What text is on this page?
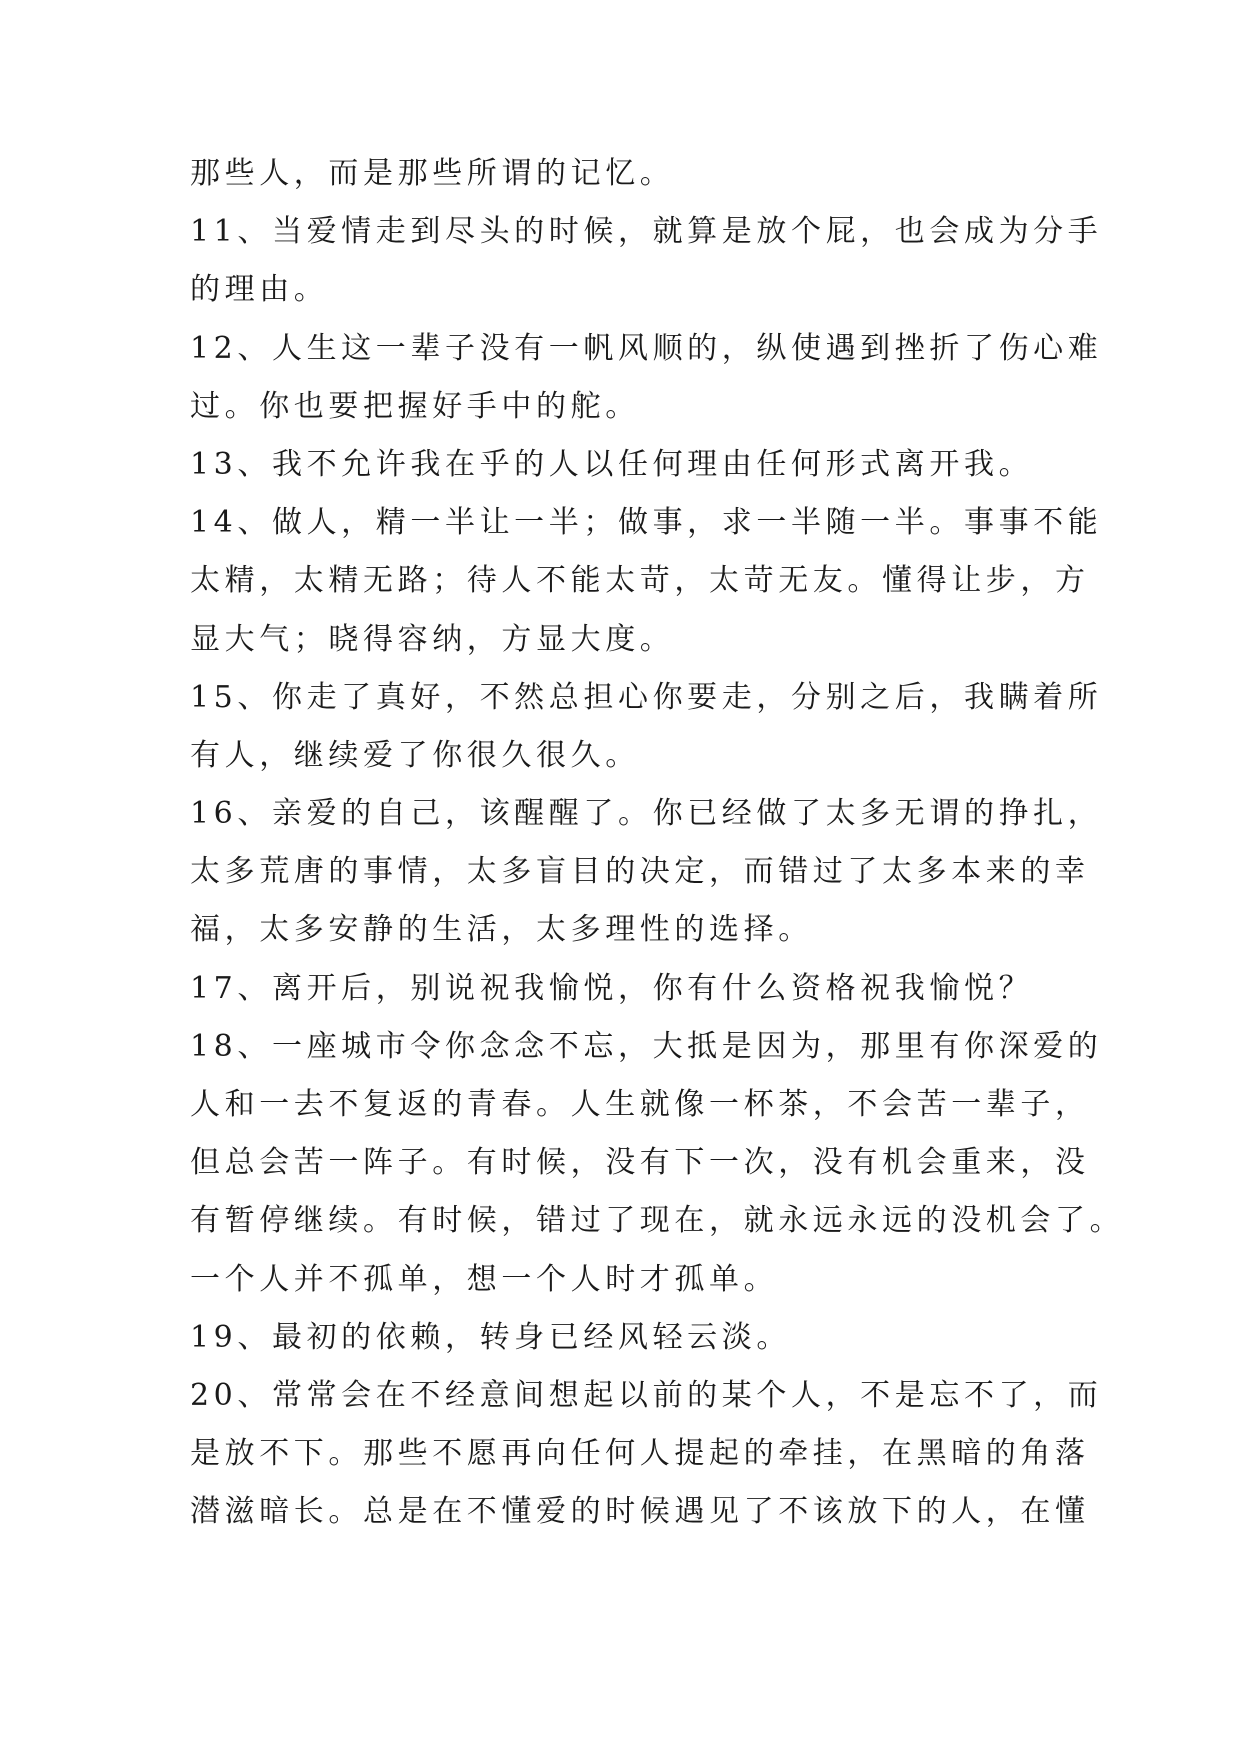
那些人，而是那些所谓的记忆。
11、当爱情走到尽头的时候，就算是放个屁，也会成为分手
的理由。
12、人生这一辈子没有一帆风顺的，纵使遇到挫折了伤心难
过。你也要把握好手中的舵。
13、我不允许我在乎的人以任何理由任何形式离开我。
14、做人，精一半让一半；做事，求一半随一半。事事不能
太精，太精无路；待人不能太苛，太苛无友。懂得让步，方
显大气；晓得容纳，方显大度。
15、你走了真好，不然总担心你要走，分别之后，我瞒着所
有人，继续爱了你很久很久。
16、亲爱的自己，该醒醒了。你已经做了太多无谓的挣扎，
太多荒唐的事情，太多盲目的决定，而错过了太多本来的幸
福，太多安静的生活，太多理性的选择。
17、离开后，别说祝我愉悦，你有什么资格祝我愉悦？
18、一座城市令你念念不忘，大抵是因为，那里有你深爱的
人和一去不复返的青春。人生就像一杯茶，不会苦一辈子，
但总会苦一阵子。有时候，没有下一次，没有机会重来，没
有暂停继续。有时候，错过了现在，就永远永远的没机会了。
一个人并不孤单，想一个人时才孤单。
19、最初的依赖，转身已经风轻云淡。
20、常常会在不经意间想起以前的某个人，不是忘不了，而
是放不下。那些不愿再向任何人提起的牵挂，在黑暗的角落
潜滋暗长。总是在不懂爱的时候遇见了不该放下的人，在懂
